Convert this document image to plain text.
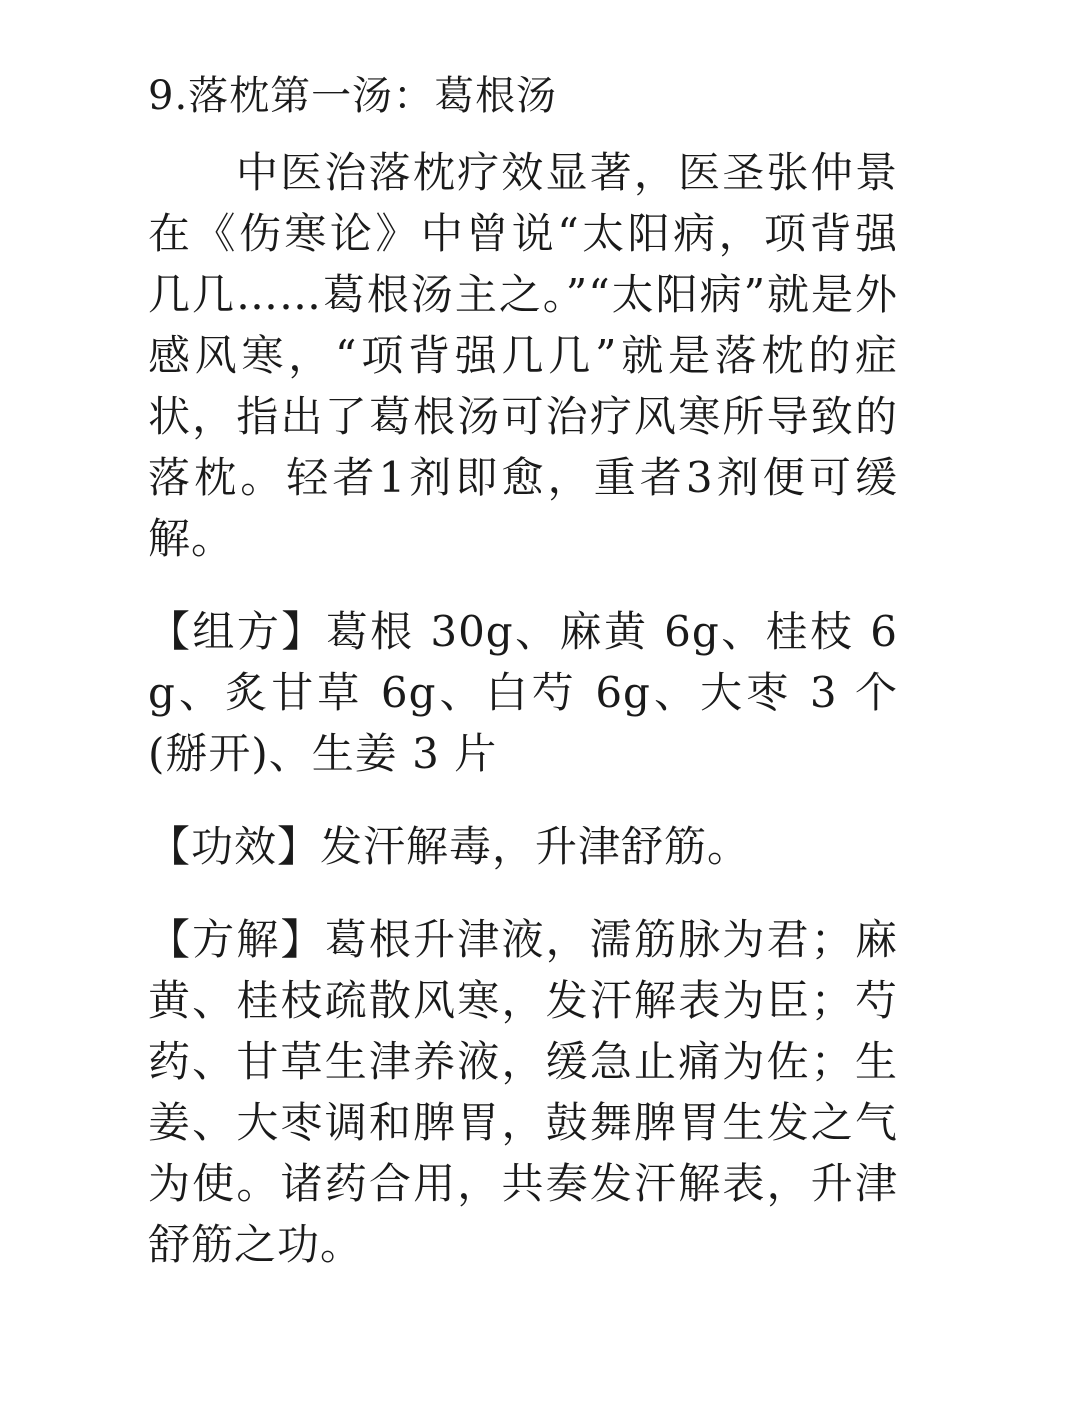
9.落枕第一汤：葛根汤

中医治落枕疗效显著，医圣张仲景在《伤寒论》中曾说“太阳病，项背强几几……葛根汤主之。”“太阳病”就是外感风寒，“项背强几几”就是落枕的症状，指出了葛根汤可治疗风寒所导致的落枕。轻者1剂即愈，重者3剂便可缓解。

【组方】葛根 30g、麻黄 6g、桂枝 6g、炙甘草 6g、白芍 6g、大枣 3 个(掰开)、生姜 3 片

【功效】发汗解毒，升津舒筋。

【方解】葛根升津液，濡筋脉为君；麻黄、桂枝疏散风寒，发汗解表为臣；芍药、甘草生津养液，缓急止痛为佐；生姜、大枣调和脾胃，鼓舞脾胃生发之气为使。诸药合用，共奏发汗解表，升津舒筋之功。
